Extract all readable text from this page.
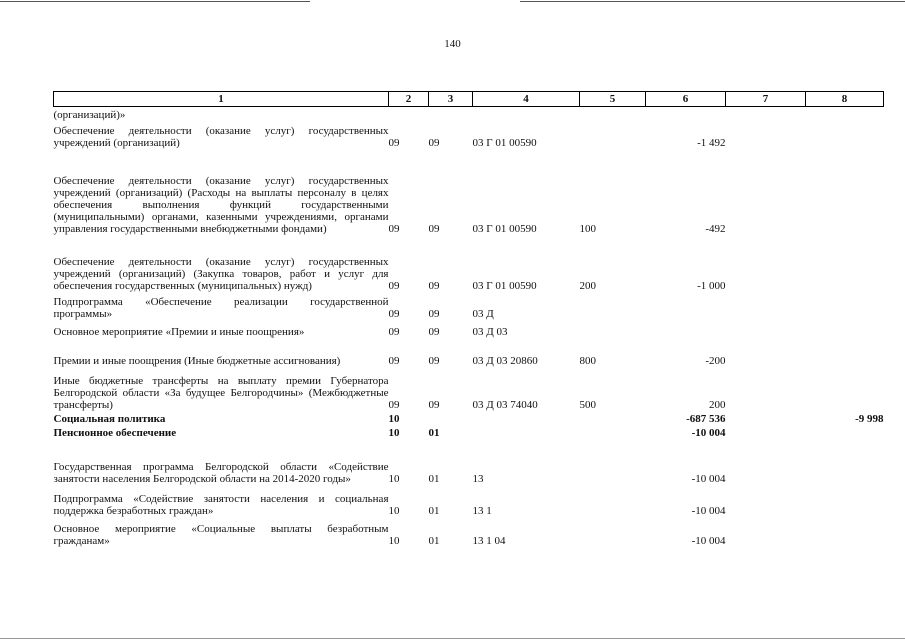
140
1	2	3	4	5	6	7	8
(организаций)»							
Обеспечение деятельности (оказание услуг) государственных учреждений (организаций)	09	09	03 Г 01 00590		-1 492		
Обеспечение деятельности (оказание услуг) государственных учреждений (организаций) (Расходы на выплаты персоналу в целях обеспечения выполнения функций государственными (муниципальными) органами, казенными учреждениями, органами управления государственными внебюджетными фондами)	09	09	03 Г 01 00590	100	-492		
Обеспечение деятельности (оказание услуг) государственных учреждений (организаций) (Закупка товаров, работ и услуг для обеспечения государственных (муниципальных) нужд)	09	09	03 Г 01 00590	200	-1 000		
Подпрограмма «Обеспечение реализации государственной программы»	09	09	03 Д				
Основное мероприятие «Премии и иные поощрения»	09	09	03 Д 03				
Премии и иные поощрения (Иные бюджетные ассигнования)	09	09	03 Д 03 20860	800	-200		
Иные бюджетные трансферты на выплату премии Губернатора Белгородской области «За будущее Белгородчины» (Межбюджетные трансферты)	09	09	03 Д 03 74040	500	200		
Социальная политика	10				-687 536		-9 998
Пенсионное обеспечение	10	01			-10 004		
Государственная программа Белгородской области «Содействие занятости населения Белгородской области на 2014-2020 годы»	10	01	13		-10 004		
Подпрограмма «Содействие занятости населения и социальная поддержка безработных граждан»	10	01	13 1		-10 004		
Основное мероприятие «Социальные выплаты безработным гражданам»	10	01	13 1 04		-10 004		
